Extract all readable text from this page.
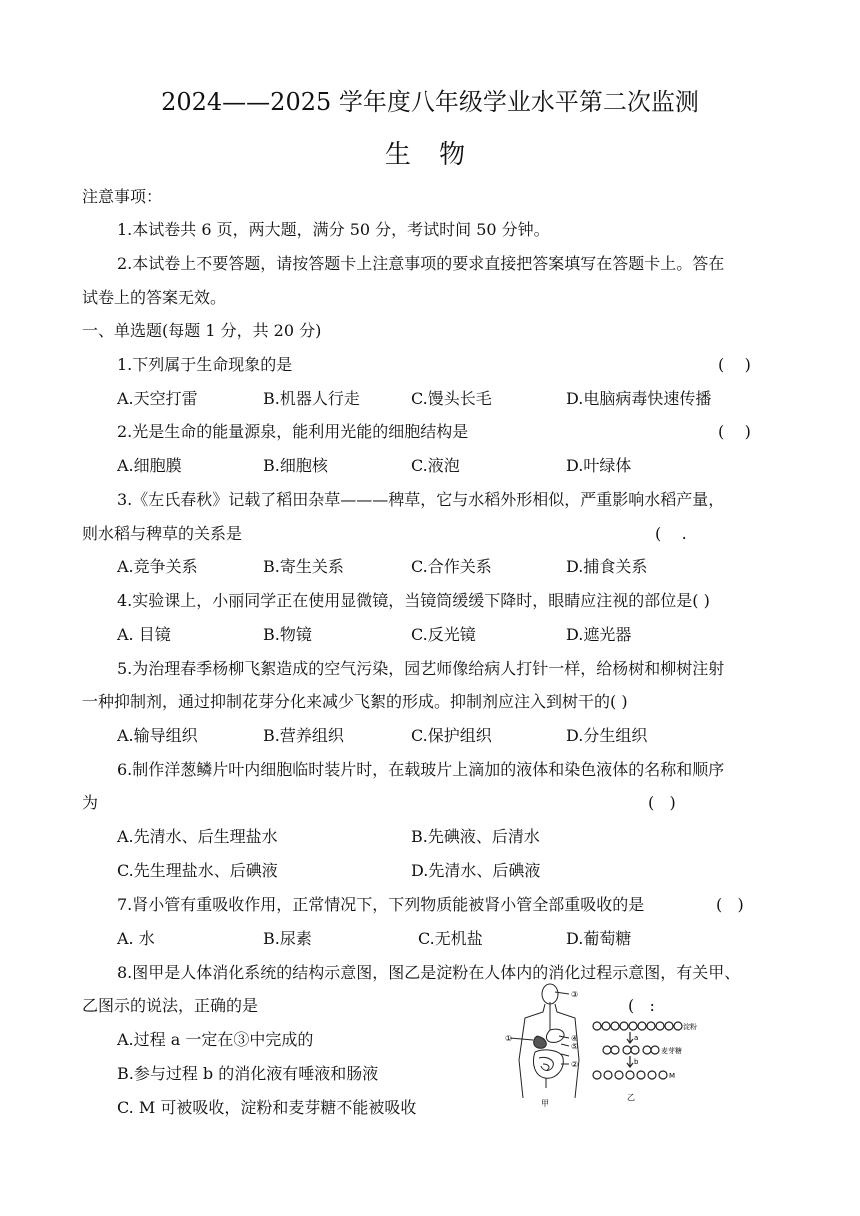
2024——2025 学年度八年级学业水平第二次监测
生 物
注意事项：
1.本试卷共 6 页，两大题，满分 50 分，考试时间 50 分钟。
2.本试卷上不要答题，请按答题卡上注意事项的要求直接把答案填写在答题卡上。答在
试卷上的答案无效。
一、单选题(每题 1 分，共 20 分)
1.下列属于生命现象的是	(    )
A.天空打雷	B.机器人行走	C.馒头长毛	D.电脑病毒快速传播
2.光是生命的能量源泉，能利用光能的细胞结构是	(    )
A.细胞膜	B.细胞核	C.液泡	D.叶绿体
3.《左氏春秋》记载了稻田杂草———稗草，它与水稻外形相似，严重影响水稻产量，
则水稻与稗草的关系是	(    .
A.竞争关系	B.寄生关系	C.合作关系	D.捕食关系
4.实验课上，小丽同学正在使用显微镜，当镜筒缓缓下降时，眼睛应注视的部位是( )
A. 目镜	B.物镜	C.反光镜	D.遮光器
5.为治理春季杨柳飞絮造成的空气污染，园艺师像给病人打针一样，给杨树和柳树注射
一种抑制剂，通过抑制花芽分化来减少飞絮的形成。抑制剂应注入到树干的( )
A.输导组织	B.营养组织	C.保护组织	D.分生组织
6.制作洋葱鳞片叶内细胞临时装片时，在载玻片上滴加的液体和染色液体的名称和顺序
为	(   )
A.先清水、后生理盐水	B.先碘液、后清水
C.先生理盐水、后碘液	D.先清水、后碘液
7.肾小管有重吸收作用，正常情况下，下列物质能被肾小管全部重吸收的是	(   )
A. 水	B.尿素	C.无机盐	D.葡萄糖
8.图甲是人体消化系统的结构示意图，图乙是淀粉在人体内的消化过程示意图，有关甲、
乙图示的说法，正确的是	(   :
A.过程 a 一定在③中完成的
B.参与过程 b 的消化液有唾液和肠液
C. M 可被吸收，淀粉和麦芽糖不能被吸收
③
①	④
⑤
②
甲
淀粉
麦芽糖
M
a
b
乙
